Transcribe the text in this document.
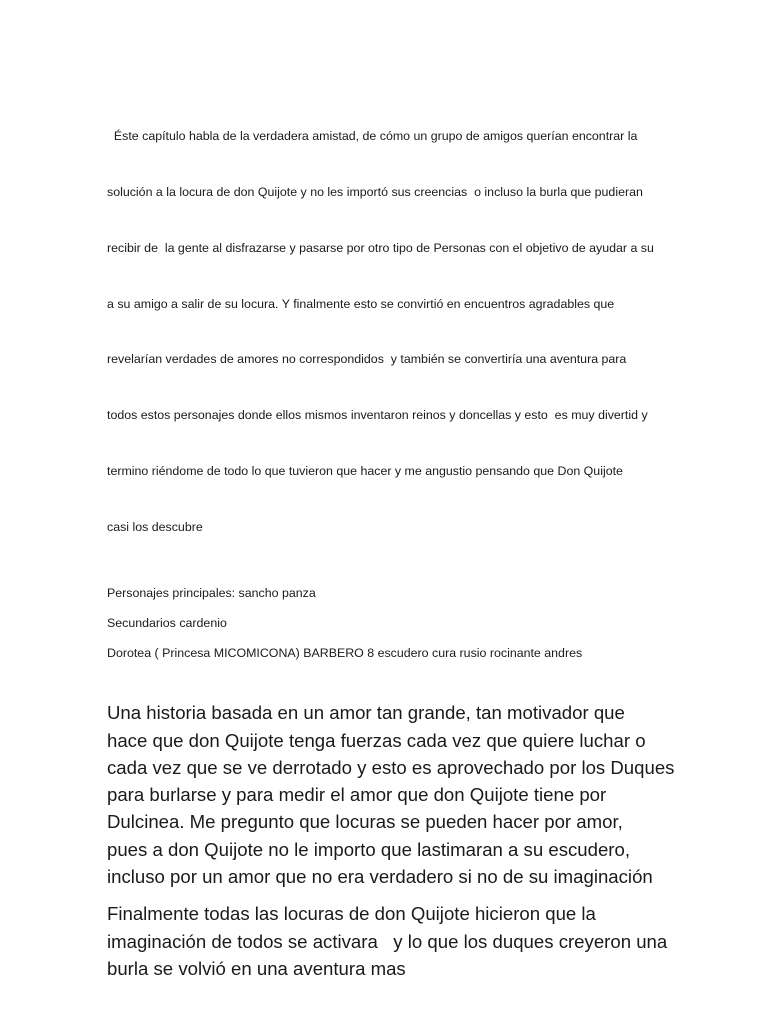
Éste capítulo habla de la verdadera amistad, de cómo un grupo de amigos querían encontrar la

solución a la locura de don Quijote y no les importó sus creencias  o incluso la burla que pudieran

recibir de  la gente al disfrazarse y pasarse por otro tipo de Personas con el objetivo de ayudar a su

a su amigo a salir de su locura. Y finalmente esto se convirtió en encuentros agradables que

revelarían verdades de amores no correspondidos  y también se convertiría una aventura para

todos estos personajes donde ellos mismos inventaron reinos y doncellas y esto  es muy divertid y

termino riéndome de todo lo que tuvieron que hacer y me angustio pensando que Don Quijote

casi los descubre

Personajes principales: sancho panza

Secundarios cardenio

Dorotea ( Princesa MICOMICONA) BARBERO 8 escudero cura rusio rocinante andres

Una historia basada en un amor tan grande, tan motivador que
hace que don Quijote tenga fuerzas cada vez que quiere luchar o
cada vez que se ve derrotado y esto es aprovechado por los Duques
para burlarse y para medir el amor que don Quijote tiene por
Dulcinea. Me pregunto que locuras se pueden hacer por amor,
pues a don Quijote no le importo que lastimaran a su escudero,
incluso por un amor que no era verdadero si no de su imaginación

Finalmente todas las locuras de don Quijote hicieron que la
imaginación de todos se activara   y lo que los duques creyeron una
burla se volvió en una aventura mas
